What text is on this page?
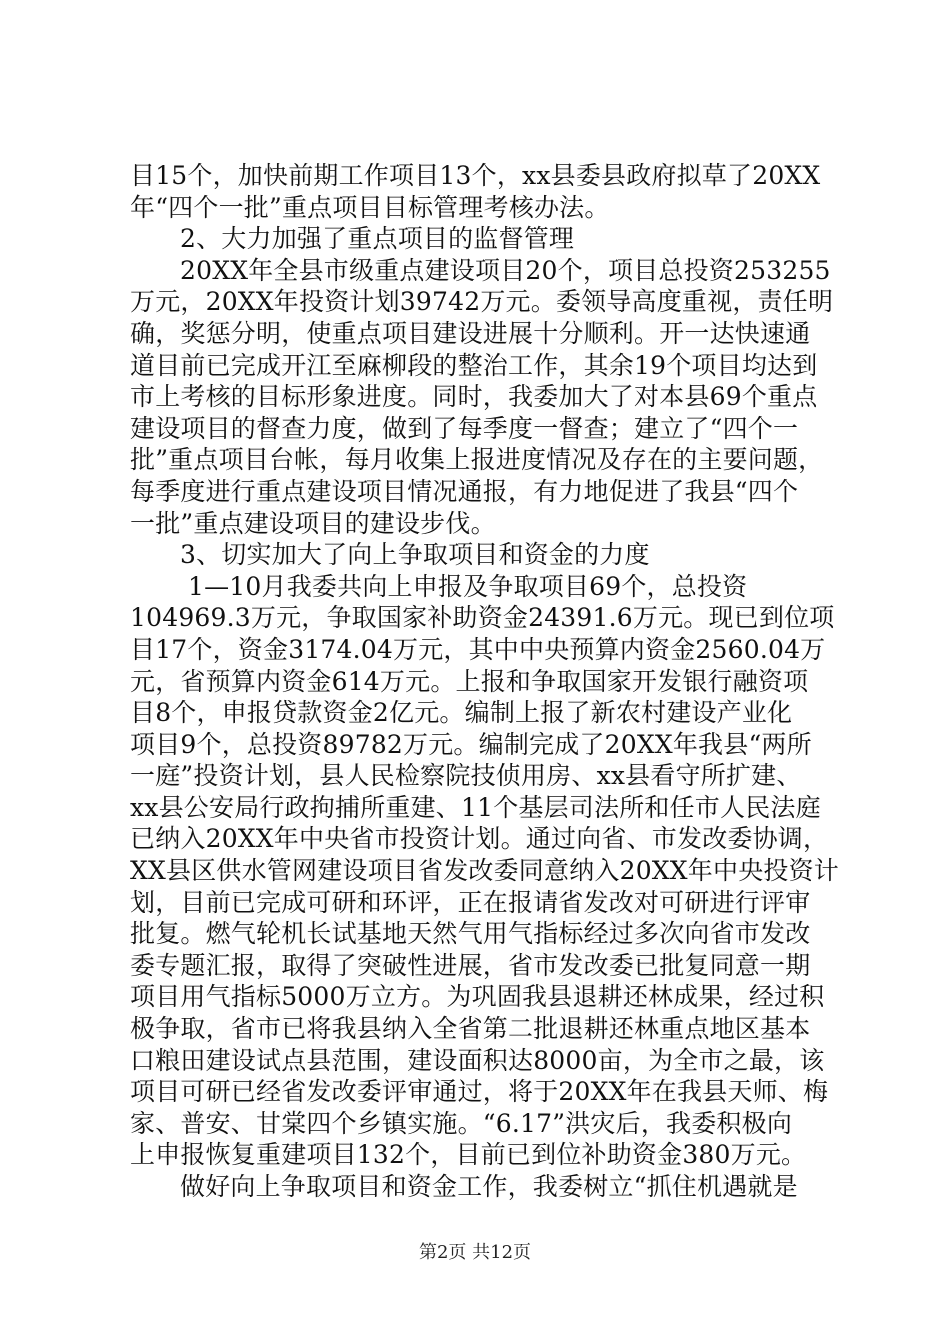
目15个，加快前期工作项目13个，xx县委县政府拟草了20XX
年“四个一批”重点项目目标管理考核办法。
2、大力加强了重点项目的监督管理
20XX年全县市级重点建设项目20个，项目总投资253255
万元，20XX年投资计划39742万元。委领导高度重视，责任明
确，奖惩分明，使重点项目建设进展十分顺利。开一达快速通
道目前已完成开江至麻柳段的整治工作，其余19个项目均达到
市上考核的目标形象进度。同时，我委加大了对本县69个重点
建设项目的督查力度，做到了每季度一督查；建立了“四个一
批”重点项目台帐，每月收集上报进度情况及存在的主要问题，
每季度进行重点建设项目情况通报，有力地促进了我县“四个
一批”重点建设项目的建设步伐。
3、切实加大了向上争取项目和资金的力度
1—10月我委共向上申报及争取项目69个，总投资
104969.3万元，争取国家补助资金24391.6万元。现已到位项
目17个，资金3174.04万元，其中中央预算内资金2560.04万
元，省预算内资金614万元。上报和争取国家开发银行融资项
目8个，申报贷款资金2亿元。编制上报了新农村建设产业化
项目9个，总投资89782万元。编制完成了20XX年我县“两所
一庭”投资计划，县人民检察院技侦用房、xx县看守所扩建、
xx县公安局行政拘捕所重建、11个基层司法所和任市人民法庭
已纳入20XX年中央省市投资计划。通过向省、市发改委协调，
XX县区供水管网建设项目省发改委同意纳入20XX年中央投资计
划，目前已完成可研和环评，正在报请省发改对可研进行评审
批复。燃气轮机长试基地天然气用气指标经过多次向省市发改
委专题汇报，取得了突破性进展，省市发改委已批复同意一期
项目用气指标5000万立方。为巩固我县退耕还林成果，经过积
极争取，省市已将我县纳入全省第二批退耕还林重点地区基本
口粮田建设试点县范围，建设面积达8000亩，为全市之最，该
项目可研已经省发改委评审通过，将于20XX年在我县天师、梅
家、普安、甘棠四个乡镇实施。“6.17”洪灾后，我委积极向
上申报恢复重建项目132个，目前已到位补助资金380万元。
做好向上争取项目和资金工作，我委树立“抓住机遇就是
第2页 共12页
